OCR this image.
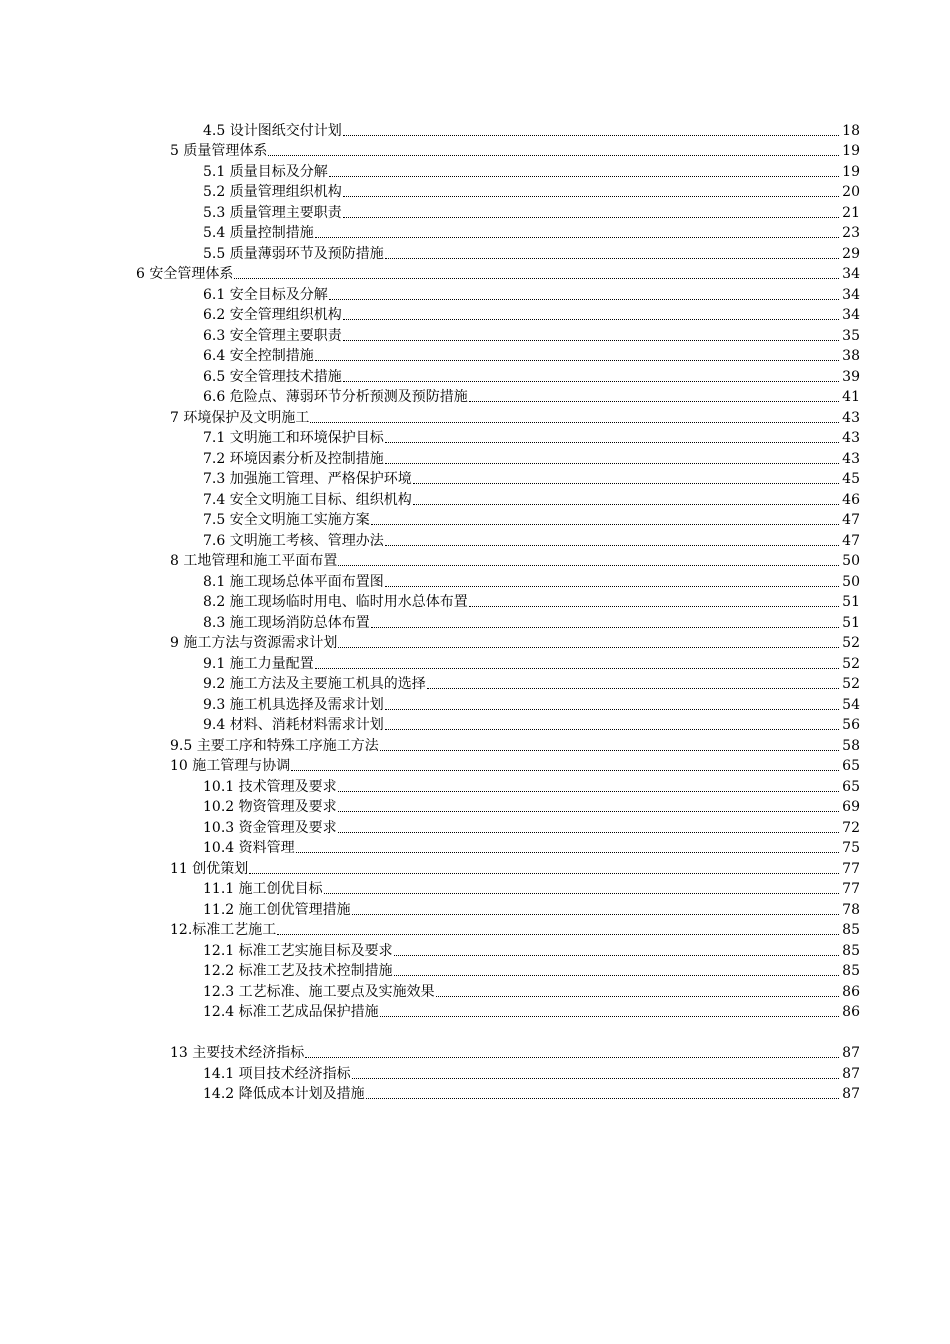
4.5 设计图纸交付计划	18
5 质量管理体系	19
5.1 质量目标及分解	19
5.2 质量管理组织机构	20
5.3 质量管理主要职责	21
5.4 质量控制措施	23
5.5 质量薄弱环节及预防措施	29
6 安全管理体系	34
6.1 安全目标及分解	34
6.2 安全管理组织机构	34
6.3 安全管理主要职责	35
6.4 安全控制措施	38
6.5 安全管理技术措施	39
6.6 危险点、薄弱环节分析预测及预防措施	41
7 环境保护及文明施工	43
7.1 文明施工和环境保护目标	43
7.2 环境因素分析及控制措施	43
7.3 加强施工管理、严格保护环境	45
7.4 安全文明施工目标、组织机构	46
7.5 安全文明施工实施方案	47
7.6 文明施工考核、管理办法	47
8 工地管理和施工平面布置	50
8.1 施工现场总体平面布置图	50
8.2 施工现场临时用电、临时用水总体布置	51
8.3 施工现场消防总体布置	51
9 施工方法与资源需求计划	52
9.1 施工力量配置	52
9.2 施工方法及主要施工机具的选择	52
9.3 施工机具选择及需求计划	54
9.4 材料、消耗材料需求计划	56
9.5 主要工序和特殊工序施工方法	58
10 施工管理与协调	65
10.1 技术管理及要求	65
10.2 物资管理及要求	69
10.3 资金管理及要求	72
10.4 资料管理	75
11 创优策划	77
11.1 施工创优目标	77
11.2 施工创优管理措施	78
12.标准工艺施工	85
12.1 标准工艺实施目标及要求	85
12.2 标准工艺及技术控制措施	85
12.3 工艺标准、施工要点及实施效果	86
12.4 标准工艺成品保护措施	86
13 主要技术经济指标	87
14.1 项目技术经济指标	87
14.2 降低成本计划及措施	87
